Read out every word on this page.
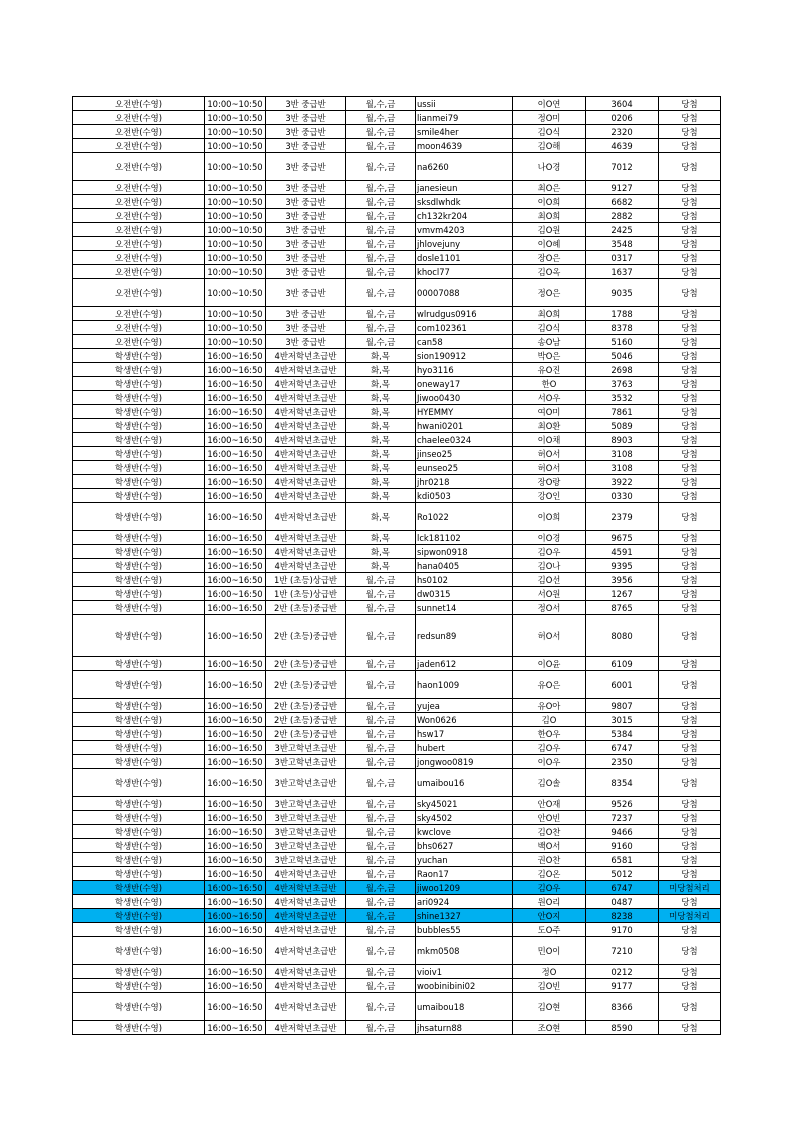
오전반(수영)	10:00~10:50	3반 중급반	월,수,금	ussii	이O연	3604	당첨
오전반(수영)	10:00~10:50	3반 중급반	월,수,금	lianmei79	정O미	0206	당첨
오전반(수영)	10:00~10:50	3반 중급반	월,수,금	smile4her	김O식	2320	당첨
오전반(수영)	10:00~10:50	3반 중급반	월,수,금	moon4639	김O해	4639	당첨
오전반(수영)	10:00~10:50	3반 중급반	월,수,금	na6260	나O경	7012	당첨
오전반(수영)	10:00~10:50	3반 중급반	월,수,금	janesieun	최O은	9127	당첨
오전반(수영)	10:00~10:50	3반 중급반	월,수,금	sksdlwhdk	이O희	6682	당첨
오전반(수영)	10:00~10:50	3반 중급반	월,수,금	ch132kr204	최O희	2882	당첨
오전반(수영)	10:00~10:50	3반 중급반	월,수,금	vmvm4203	김O원	2425	당첨
오전반(수영)	10:00~10:50	3반 중급반	월,수,금	jhlovejuny	이O혜	3548	당첨
오전반(수영)	10:00~10:50	3반 중급반	월,수,금	dosle1101	장O은	0317	당첨
오전반(수영)	10:00~10:50	3반 중급반	월,수,금	khocl77	김O옥	1637	당첨
오전반(수영)	10:00~10:50	3반 중급반	월,수,금	00007088	정O은	9035	당첨
오전반(수영)	10:00~10:50	3반 중급반	월,수,금	wlrudgus0916	최O희	1788	당첨
오전반(수영)	10:00~10:50	3반 중급반	월,수,금	com102361	김O식	8378	당첨
오전반(수영)	10:00~10:50	3반 중급반	월,수,금	can58	송O남	5160	당첨
학생반(수영)	16:00~16:50	4반저학년초급반	화,목	sion190912	박O은	5046	당첨
학생반(수영)	16:00~16:50	4반저학년초급반	화,목	hyo3116	유O진	2698	당첨
학생반(수영)	16:00~16:50	4반저학년초급반	화,목	oneway17	한O	3763	당첨
학생반(수영)	16:00~16:50	4반저학년초급반	화,목	Jiwoo0430	서O우	3532	당첨
학생반(수영)	16:00~16:50	4반저학년초급반	화,목	HYEMMY	여O미	7861	당첨
학생반(수영)	16:00~16:50	4반저학년초급반	화,목	hwani0201	최O환	5089	당첨
학생반(수영)	16:00~16:50	4반저학년초급반	화,목	chaelee0324	이O채	8903	당첨
학생반(수영)	16:00~16:50	4반저학년초급반	화,목	jinseo25	허O서	3108	당첨
학생반(수영)	16:00~16:50	4반저학년초급반	화,목	eunseo25	허O서	3108	당첨
학생반(수영)	16:00~16:50	4반저학년초급반	화,목	jhr0218	장O랑	3922	당첨
학생반(수영)	16:00~16:50	4반저학년초급반	화,목	kdi0503	강O인	0330	당첨
학생반(수영)	16:00~16:50	4반저학년초급반	화,목	Ro1022	이O희	2379	당첨
학생반(수영)	16:00~16:50	4반저학년초급반	화,목	lck181102	이O경	9675	당첨
학생반(수영)	16:00~16:50	4반저학년초급반	화,목	sipwon0918	김O우	4591	당첨
학생반(수영)	16:00~16:50	4반저학년초급반	화,목	hana0405	김O나	9395	당첨
학생반(수영)	16:00~16:50	1반 (초등)상급반	월,수,금	hs0102	김O선	3956	당첨
학생반(수영)	16:00~16:50	1반 (초등)상급반	월,수,금	dw0315	서O원	1267	당첨
학생반(수영)	16:00~16:50	2반 (초등)중급반	월,수,금	sunnet14	정O서	8765	당첨
학생반(수영)	16:00~16:50	2반 (초등)중급반	월,수,금	redsun89	허O서	8080	당첨
학생반(수영)	16:00~16:50	2반 (초등)중급반	월,수,금	jaden612	이O윤	6109	당첨
학생반(수영)	16:00~16:50	2반 (초등)중급반	월,수,금	haon1009	유O은	6001	당첨
학생반(수영)	16:00~16:50	2반 (초등)중급반	월,수,금	yujea	유O아	9807	당첨
학생반(수영)	16:00~16:50	2반 (초등)중급반	월,수,금	Won0626	김O	3015	당첨
학생반(수영)	16:00~16:50	2반 (초등)중급반	월,수,금	hsw17	한O우	5384	당첨
학생반(수영)	16:00~16:50	3반고학년초급반	월,수,금	hubert	김O우	6747	당첨
학생반(수영)	16:00~16:50	3반고학년초급반	월,수,금	jongwoo0819	이O우	2350	당첨
학생반(수영)	16:00~16:50	3반고학년초급반	월,수,금	umaibou16	김O솔	8354	당첨
학생반(수영)	16:00~16:50	3반고학년초급반	월,수,금	sky45021	안O재	9526	당첨
학생반(수영)	16:00~16:50	3반고학년초급반	월,수,금	sky4502	안O빈	7237	당첨
학생반(수영)	16:00~16:50	3반고학년초급반	월,수,금	kwclove	김O찬	9466	당첨
학생반(수영)	16:00~16:50	3반고학년초급반	월,수,금	bhs0627	백O서	9160	당첨
학생반(수영)	16:00~16:50	3반고학년초급반	월,수,금	yuchan	권O찬	6581	당첨
학생반(수영)	16:00~16:50	4반저학년초급반	월,수,금	Raon17	김O온	5012	당첨
학생반(수영)	16:00~16:50	4반저학년초급반	월,수,금	jiwoo1209	김O우	6747	미당첨처리
학생반(수영)	16:00~16:50	4반저학년초급반	월,수,금	ari0924	원O리	0487	당첨
학생반(수영)	16:00~16:50	4반저학년초급반	월,수,금	shine1327	안O지	8238	미당첨처리
학생반(수영)	16:00~16:50	4반저학년초급반	월,수,금	bubbles55	도O주	9170	당첨
학생반(수영)	16:00~16:50	4반저학년초급반	월,수,금	mkm0508	민O이	7210	당첨
학생반(수영)	16:00~16:50	4반저학년초급반	월,수,금	vioiv1	정O	0212	당첨
학생반(수영)	16:00~16:50	4반저학년초급반	월,수,금	woobinibini02	김O빈	9177	당첨
학생반(수영)	16:00~16:50	4반저학년초급반	월,수,금	umaibou18	김O현	8366	당첨
학생반(수영)	16:00~16:50	4반저학년초급반	월,수,금	jhsaturn88	조O현	8590	당첨
